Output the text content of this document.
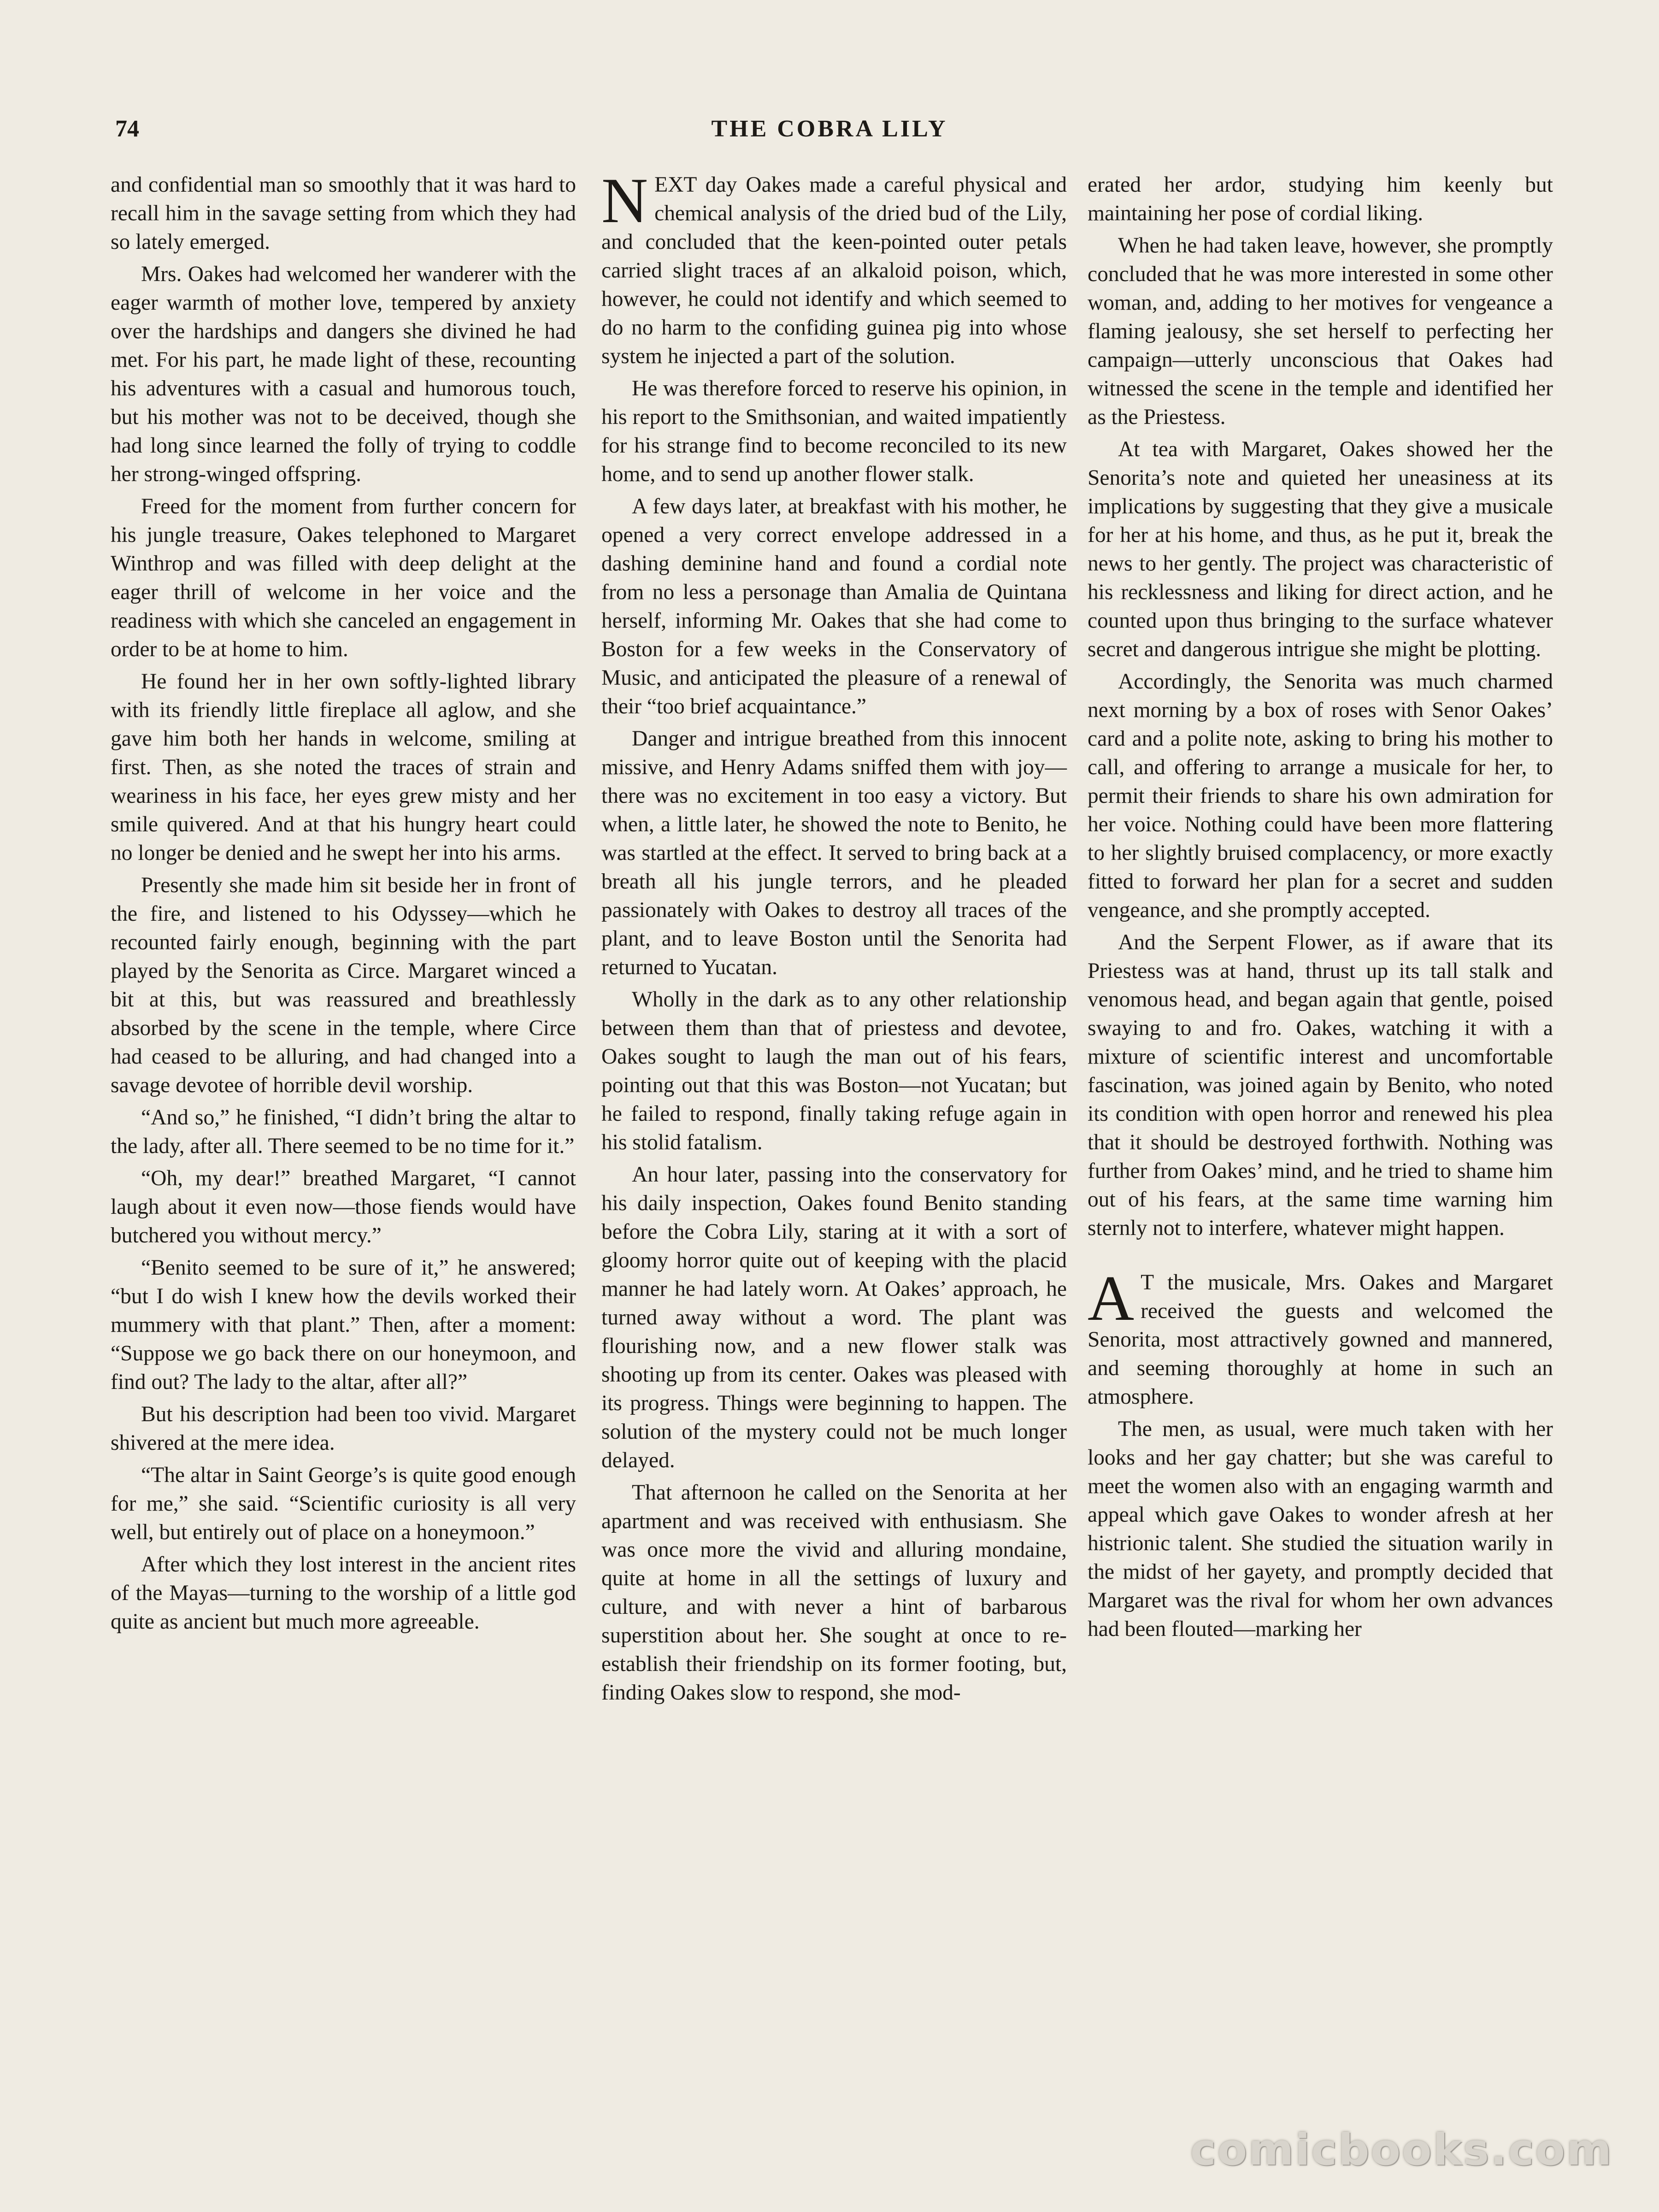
74	THE COBRA LILY

and confidential man so smoothly that it was hard to recall him in the savage setting from which they had so lately emerged.

Mrs. Oakes had welcomed her wanderer with the eager warmth of mother love, tempered by anxiety over the hardships and dangers she divined he had met. For his part, he made light of these, recounting his adventures with a casual and humorous touch, but his mother was not to be deceived, though she had long since learned the folly of trying to coddle her strong-winged offspring.

Freed for the moment from further concern for his jungle treasure, Oakes telephoned to Margaret Winthrop and was filled with deep delight at the eager thrill of welcome in her voice and the readiness with which she canceled an engagement in order to be at home to him.

He found her in her own softly-lighted library with its friendly little fireplace all aglow, and she gave him both her hands in welcome, smiling at first. Then, as she noted the traces of strain and weariness in his face, her eyes grew misty and her smile quivered. And at that his hungry heart could no longer be denied and he swept her into his arms.

Presently she made him sit beside her in front of the fire, and listened to his Odyssey—which he recounted fairly enough, beginning with the part played by the Senorita as Circe. Margaret winced a bit at this, but was reassured and breathlessly absorbed by the scene in the temple, where Circe had ceased to be alluring, and had changed into a savage devotee of horrible devil worship.

“And so,” he finished, “I didn’t bring the altar to the lady, after all. There seemed to be no time for it.”

“Oh, my dear!” breathed Margaret, “I cannot laugh about it even now—those fiends would have butchered you without mercy.”

“Benito seemed to be sure of it,” he answered; “but I do wish I knew how the devils worked their mummery with that plant.” Then, after a moment: “Suppose we go back there on our honeymoon, and find out? The lady to the altar, after all?”

But his description had been too vivid. Margaret shivered at the mere idea.

“The altar in Saint George’s is quite good enough for me,” she said. “Scientific curiosity is all very well, but entirely out of place on a honeymoon.”

After which they lost interest in the ancient rites of the Mayas—turning to the worship of a little god quite as ancient but much more agreeable.

NEXT day Oakes made a careful physical and chemical analysis of the dried bud of the Lily, and concluded that the keen-pointed outer petals carried slight traces af an alkaloid poison, which, however, he could not identify and which seemed to do no harm to the confiding guinea pig into whose system he injected a part of the solution.

He was therefore forced to reserve his opinion, in his report to the Smithsonian, and waited impatiently for his strange find to become reconciled to its new home, and to send up another flower stalk.

A few days later, at breakfast with his mother, he opened a very correct envelope addressed in a dashing deminine hand and found a cordial note from no less a personage than Amalia de Quintana herself, informing Mr. Oakes that she had come to Boston for a few weeks in the Conservatory of Music, and anticipated the pleasure of a renewal of their “too brief acquaintance.”

Danger and intrigue breathed from this innocent missive, and Henry Adams sniffed them with joy—there was no excitement in too easy a victory. But when, a little later, he showed the note to Benito, he was startled at the effect. It served to bring back at a breath all his jungle terrors, and he pleaded passionately with Oakes to destroy all traces of the plant, and to leave Boston until the Senorita had returned to Yucatan.

Wholly in the dark as to any other relationship between them than that of priestess and devotee, Oakes sought to laugh the man out of his fears, pointing out that this was Boston—not Yucatan; but he failed to respond, finally taking refuge again in his stolid fatalism.

An hour later, passing into the conservatory for his daily inspection, Oakes found Benito standing before the Cobra Lily, staring at it with a sort of gloomy horror quite out of keeping with the placid manner he had lately worn. At Oakes’ approach, he turned away without a word. The plant was flourishing now, and a new flower stalk was shooting up from its center. Oakes was pleased with its progress. Things were beginning to happen. The solution of the mystery could not be much longer delayed.

That afternoon he called on the Senorita at her apartment and was received with enthusiasm. She was once more the vivid and alluring mondaine, quite at home in all the settings of luxury and culture, and with never a hint of barbarous superstition about her. She sought at once to re-establish their friendship on its former footing, but, finding Oakes slow to respond, she mod-

erated her ardor, studying him keenly but maintaining her pose of cordial liking.

When he had taken leave, however, she promptly concluded that he was more interested in some other woman, and, adding to her motives for vengeance a flaming jealousy, she set herself to perfecting her campaign—utterly unconscious that Oakes had witnessed the scene in the temple and identified her as the Priestess.

At tea with Margaret, Oakes showed her the Senorita’s note and quieted her uneasiness at its implications by suggesting that they give a musicale for her at his home, and thus, as he put it, break the news to her gently. The project was characteristic of his recklessness and liking for direct action, and he counted upon thus bringing to the surface whatever secret and dangerous intrigue she might be plotting.

Accordingly, the Senorita was much charmed next morning by a box of roses with Senor Oakes’ card and a polite note, asking to bring his mother to call, and offering to arrange a musicale for her, to permit their friends to share his own admiration for her voice. Nothing could have been more flattering to her slightly bruised complacency, or more exactly fitted to forward her plan for a secret and sudden vengeance, and she promptly accepted.

And the Serpent Flower, as if aware that its Priestess was at hand, thrust up its tall stalk and venomous head, and began again that gentle, poised swaying to and fro. Oakes, watching it with a mixture of scientific interest and uncomfortable fascination, was joined again by Benito, who noted its condition with open horror and renewed his plea that it should be destroyed forthwith. Nothing was further from Oakes’ mind, and he tried to shame him out of his fears, at the same time warning him sternly not to interfere, whatever might happen.

A T the musicale, Mrs. Oakes and Margaret received the guests and welcomed the Senorita, most attractively gowned and mannered, and seeming thoroughly at home in such an atmosphere.

The men, as usual, were much taken with her looks and her gay chatter; but she was careful to meet the women also with an engaging warmth and appeal which gave Oakes to wonder afresh at her histrionic talent. She studied the situation warily in the midst of her gayety, and promptly decided that Margaret was the rival for whom her own advances had been flouted—marking her

comicbooks.com
